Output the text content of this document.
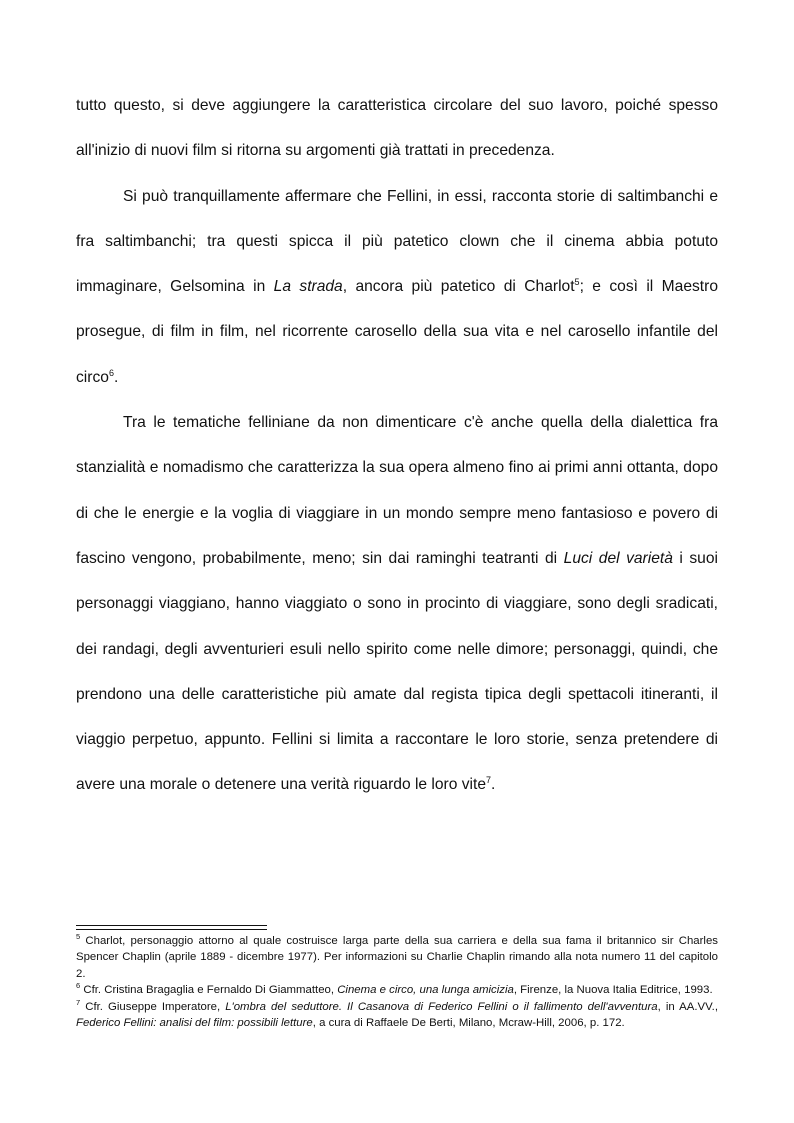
tutto questo, si deve aggiungere la caratteristica circolare del suo lavoro, poiché spesso all'inizio di nuovi film si ritorna su argomenti già trattati in precedenza.

Si può tranquillamente affermare che Fellini, in essi, racconta storie di saltimbanchi e fra saltimbanchi; tra questi spicca il più patetico clown che il cinema abbia potuto immaginare, Gelsomina in La strada, ancora più patetico di Charlot$^5$; e così il Maestro prosegue, di film in film, nel ricorrente carosello della sua vita e nel carosello infantile del circo$^6$.

Tra le tematiche felliniane da non dimenticare c'è anche quella della dialettica fra stanzialità e nomadismo che caratterizza la sua opera almeno fino ai primi anni ottanta, dopo di che le energie e la voglia di viaggiare in un mondo sempre meno fantasioso e povero di fascino vengono, probabilmente, meno; sin dai raminghi teatranti di Luci del varietà i suoi personaggi viaggiano, hanno viaggiato o sono in procinto di viaggiare, sono degli sradicati, dei randagi, degli avventurieri esuli nello spirito come nelle dimore; personaggi, quindi, che prendono una delle caratteristiche più amate dal regista tipica degli spettacoli itineranti, il viaggio perpetuo, appunto. Fellini si limita a raccontare le loro storie, senza pretendere di avere una morale o detenere una verità riguardo le loro vite$^7$.

$^5$ Charlot, personaggio attorno al quale costruisce larga parte della sua carriera e della sua fama il britannico sir Charles Spencer Chaplin (aprile 1889 - dicembre 1977). Per informazioni su Charlie Chaplin rimando alla nota numero 11 del capitolo 2.

$^6$ Cfr. Cristina Bragaglia e Fernaldo Di Giammatteo, Cinema e circo, una lunga amicizia, Firenze, la Nuova Italia Editrice, 1993.

$^7$ Cfr. Giuseppe Imperatore, L'ombra del seduttore. Il Casanova di Federico Fellini o il fallimento dell'avventura, in AA.VV., Federico Fellini: analisi del film: possibili letture, a cura di Raffaele De Berti, Milano, Mcraw-Hill, 2006, p. 172.
